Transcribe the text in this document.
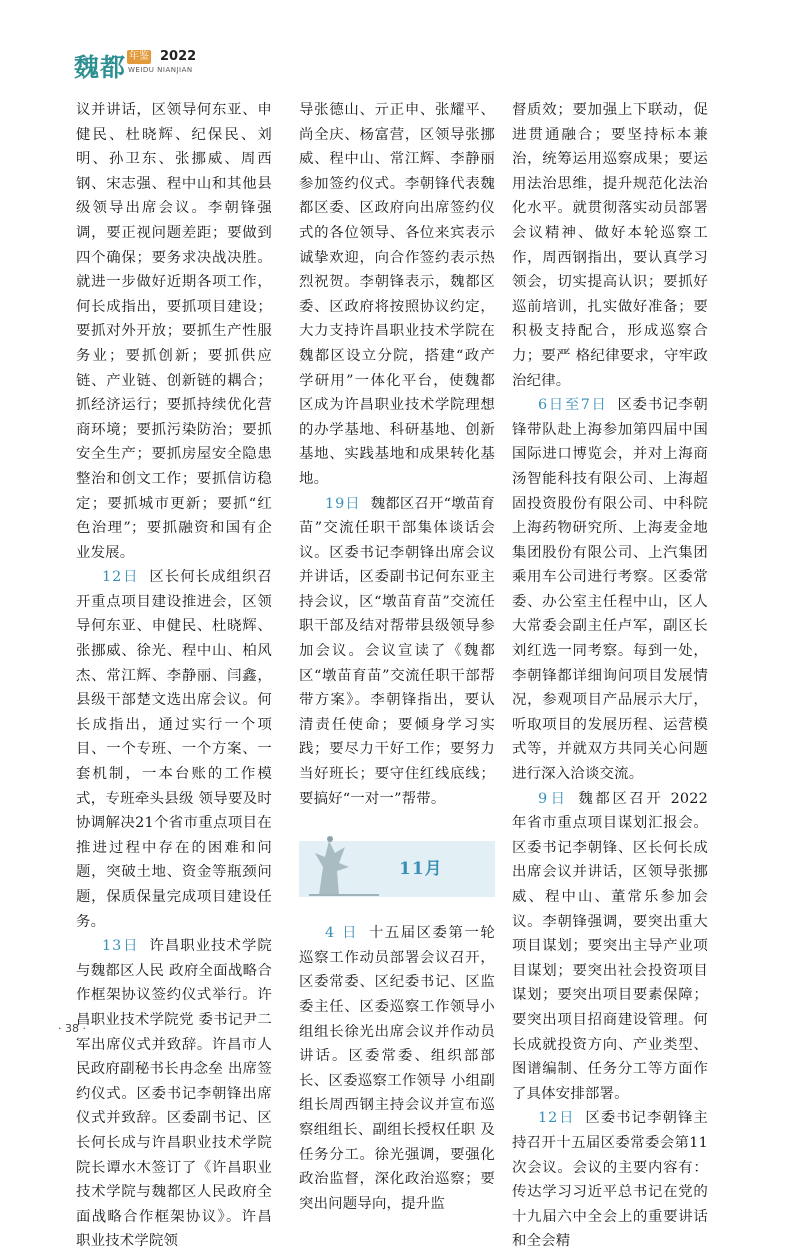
魏都 年鉴 2022
WEIDU NIANJIAN

议并讲话，区领导何东亚、申健民、杜晓辉、纪保民、刘明、孙卫东、张挪威、周西钢、宋志强、程中山和其他县级领导出席会议。李朝锋强调，要正视问题差距；要做到四个确保；要务求决战决胜。就进一步做好近期各项工作，何长成指出，要抓项目建设；要抓对外开放；要抓生产性服务业；要抓创新；要抓供应链、产业链、创新链的耦合；抓经济运行；要抓持续优化营商环境；要抓污染防治；要抓安全生产；要抓房屋安全隐患整治和创文工作；要抓信访稳定；要抓城市更新；要抓“红色治理”；要抓融资和国有企业发展。

12日 区长何长成组织召开重点项目建设推进会，区领导何东亚、申健民、杜晓辉、张挪威、徐光、程中山、柏风杰、常江辉、李静丽、闫鑫，县级干部楚文选出席会议。何长成指出，通过实行一个项目、一个专班、一个方案、一套机制，一本台账的工作模式，专班牵头县级 领导要及时协调解决21个省市重点项目在推进过程中存在的困难和问题，突破土地、资金等瓶颈问题，保质保量完成项目建设任务。

13日 许昌职业技术学院与魏都区人民 政府全面战略合作框架协议签约仪式举行。许昌职业技术学院党 委书记尹二军出席仪式并致辞。许昌市人民政府副秘书长冉念垒 出席签约仪式。区委书记李朝锋出席仪式并致辞。区委副书记、区长何长成与许昌职业技术学院院长谭水木签订了《许昌职业技术学院与魏都区人民政府全面战略合作框架协议》。许昌职业技术学院领

导张德山、亓正申、张耀平、尚全庆、杨富营，区领导张挪威、程中山、常江辉、李静丽参加签约仪式。李朝锋代表魏都区委、区政府向出席签约仪式的各位领导、各位来宾表示诚挚欢迎，向合作签约表示热烈祝贺。李朝锋表示，魏都区委、区政府将按照协议约定，大力支持许昌职业技术学院在魏都区设立分院，搭建“政产学研用”一体化平台，使魏都区成为许昌职业技术学院理想的办学基地、科研基地、创新基地、实践基地和成果转化基地。

19日 魏都区召开“墩苗育苗”交流任职干部集体谈话会议。区委书记李朝锋出席会议并讲话，区委副书记何东亚主持会议，区“墩苗育苗”交流任职干部及结对帮带县级领导参加会议。会议宣读了《魏都区“墩苗育苗”交流任职干部帮带方案》。李朝锋指出，要认清责任使命；要倾身学习实践；要尽力干好工作；要努力当好班长；要守住红线底线；要搞好“一对一”帮带。

11月

4 日 十五届区委第一轮巡察工作动员部署会议召开，区委常委、区纪委书记、区监委主任、区委巡察工作领导小组组长徐光出席会议并作动员讲话。区委常委、组织部部长、区委巡察工作领导 小组副组长周西钢主持会议并宣布巡察组组长、副组长授权任职 及任务分工。徐光强调，要强化政治监督，深化政治巡察；要突出问题导向，提升监

督质效；要加强上下联动，促进贯通融合；要坚持标本兼治，统筹运用巡察成果；要运用法治思维，提升规范化法治化水平。就贯彻落实动员部署会议精神、做好本轮巡察工作，周西钢指出，要认真学习领会，切实提高认识；要抓好巡前培训，扎实做好准备；要积极支持配合，形成巡察合力；要严 格纪律要求，守牢政治纪律。

6日至7日 区委书记李朝锋带队赴上海参加第四届中国国际进口博览会，并对上海商汤智能科技有限公司、上海超固投资股份有限公司、中科院上海药物研究所、上海麦金地集团股份有限公司、上汽集团乘用车公司进行考察。区委常委、办公室主任程中山，区人大常委会副主任卢军，副区长刘红选一同考察。每到一处，李朝锋都详细询问项目发展情况，参观项目产品展示大厅，听取项目的发展历程、运营模式等，并就双方共同关心问题进行深入洽谈交流。

9日 魏都区召开 2022 年省市重点项目谋划汇报会。区委书记李朝锋、区长何长成出席会议并讲话，区领导张挪威、程中山、董常乐参加会议。李朝锋强调，要突出重大项目谋划；要突出主导产业项目谋划；要突出社会投资项目谋划；要突出项目要素保障；要突出项目招商建设管理。何长成就投资方向、产业类型、图谱编制、任务分工等方面作了具体安排部署。

12日 区委书记李朝锋主持召开十五届区委常委会第11 次会议。会议的主要内容有：传达学习习近平总书记在党的十九届六中全会上的重要讲话和全会精

· 38 ·
